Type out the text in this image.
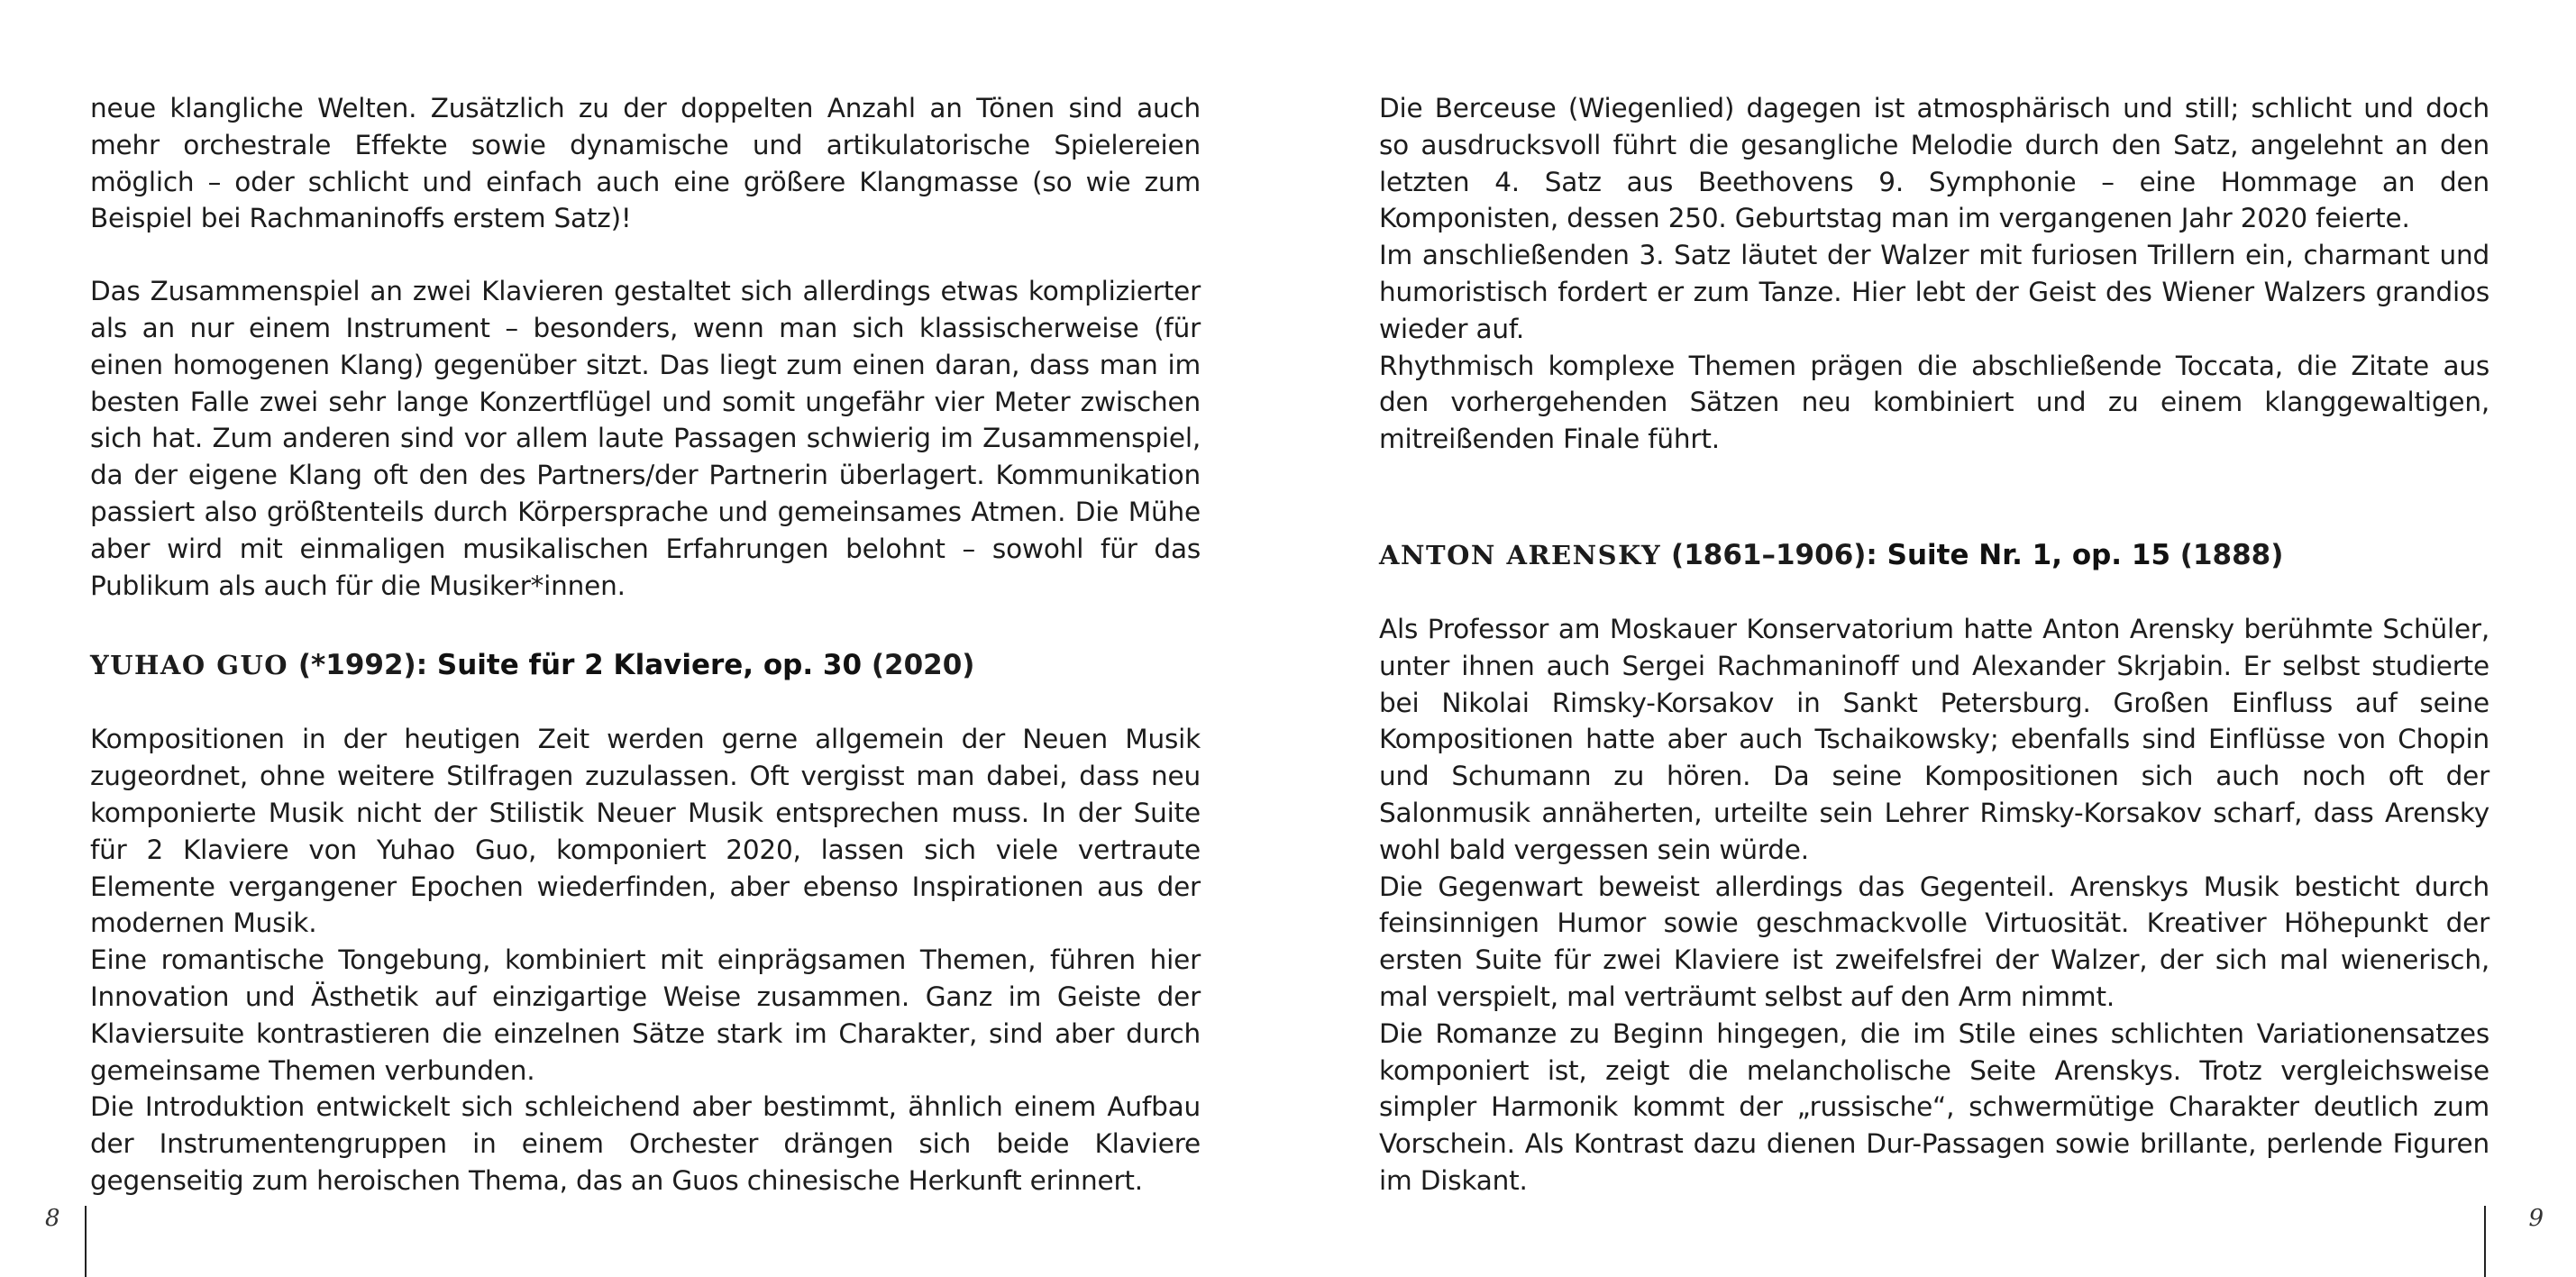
neue klangliche Welten. Zusätzlich zu der doppelten Anzahl an Tönen sind auch mehr orchestrale Effekte sowie dynamische und artikulatorische Spielereien möglich – oder schlicht und einfach auch eine größere Klangmasse (so wie zum Beispiel bei Rachmaninoffs erstem Satz)!

Das Zusammenspiel an zwei Klavieren gestaltet sich allerdings etwas komplizierter als an nur einem Instrument – besonders, wenn man sich klassischerweise (für einen homogenen Klang) gegenüber sitzt. Das liegt zum einen daran, dass man im besten Falle zwei sehr lange Konzertflügel und somit ungefähr vier Meter zwischen sich hat. Zum anderen sind vor allem laute Passagen schwierig im Zusammenspiel, da der eigene Klang oft den des Partners/der Partnerin überlagert. Kommunikation passiert also größtenteils durch Körpersprache und gemeinsames Atmen. Die Mühe aber wird mit einmaligen musikalischen Erfahrungen belohnt – sowohl für das Publikum als auch für die Musiker*innen.

YUHAO GUO (*1992): Suite für 2 Klaviere, op. 30 (2020)

Kompositionen in der heutigen Zeit werden gerne allgemein der Neuen Musik zugeordnet, ohne weitere Stilfragen zuzulassen. Oft vergisst man dabei, dass neu komponierte Musik nicht der Stilistik Neuer Musik entsprechen muss. In der Suite für 2 Klaviere von Yuhao Guo, komponiert 2020, lassen sich viele vertraute Elemente vergangener Epochen wiederfinden, aber ebenso Inspirationen aus der modernen Musik.

Eine romantische Tongebung, kombiniert mit einprägsamen Themen, führen hier Innovation und Ästhetik auf einzigartige Weise zusammen. Ganz im Geiste der Klaviersuite kontrastieren die einzelnen Sätze stark im Charakter, sind aber durch gemeinsame Themen verbunden.

Die Introduktion entwickelt sich schleichend aber bestimmt, ähnlich einem Aufbau der Instrumentengruppen in einem Orchester drängen sich beide Klaviere gegenseitig zum heroischen Thema, das an Guos chinesische Herkunft erinnert.

8

Die Berceuse (Wiegenlied) dagegen ist atmosphärisch und still; schlicht und doch so ausdrucksvoll führt die gesangliche Melodie durch den Satz, angelehnt an den letzten 4. Satz aus Beethovens 9. Symphonie – eine Hommage an den Komponisten, dessen 250. Geburtstag man im vergangenen Jahr 2020 feierte.

Im anschließenden 3. Satz läutet der Walzer mit furiosen Trillern ein, charmant und humoristisch fordert er zum Tanze. Hier lebt der Geist des Wiener Walzers grandios wieder auf.

Rhythmisch komplexe Themen prägen die abschließende Toccata, die Zitate aus den vorhergehenden Sätzen neu kombiniert und zu einem klanggewaltigen, mitreißenden Finale führt.

ANTON ARENSKY (1861–1906): Suite Nr. 1, op. 15 (1888)

Als Professor am Moskauer Konservatorium hatte Anton Arensky berühmte Schüler, unter ihnen auch Sergei Rachmaninoff und Alexander Skrjabin. Er selbst studierte bei Nikolai Rimsky-Korsakov in Sankt Petersburg. Großen Einfluss auf seine Kompositionen hatte aber auch Tschaikowsky; ebenfalls sind Einflüsse von Chopin und Schumann zu hören. Da seine Kompositionen sich auch noch oft der Salonmusik annäherten, urteilte sein Lehrer Rimsky-Korsakov scharf, dass Arensky wohl bald vergessen sein würde.

Die Gegenwart beweist allerdings das Gegenteil. Arenskys Musik besticht durch feinsinnigen Humor sowie geschmackvolle Virtuosität. Kreativer Höhepunkt der ersten Suite für zwei Klaviere ist zweifelsfrei der Walzer, der sich mal wienerisch, mal verspielt, mal verträumt selbst auf den Arm nimmt.

Die Romanze zu Beginn hingegen, die im Stile eines schlichten Variationensatzes komponiert ist, zeigt die melancholische Seite Arenskys. Trotz vergleichsweise simpler Harmonik kommt der „russische“, schwermütige Charakter deutlich zum Vorschein. Als Kontrast dazu dienen Dur-Passagen sowie brillante, perlende Figuren im Diskant.

9
